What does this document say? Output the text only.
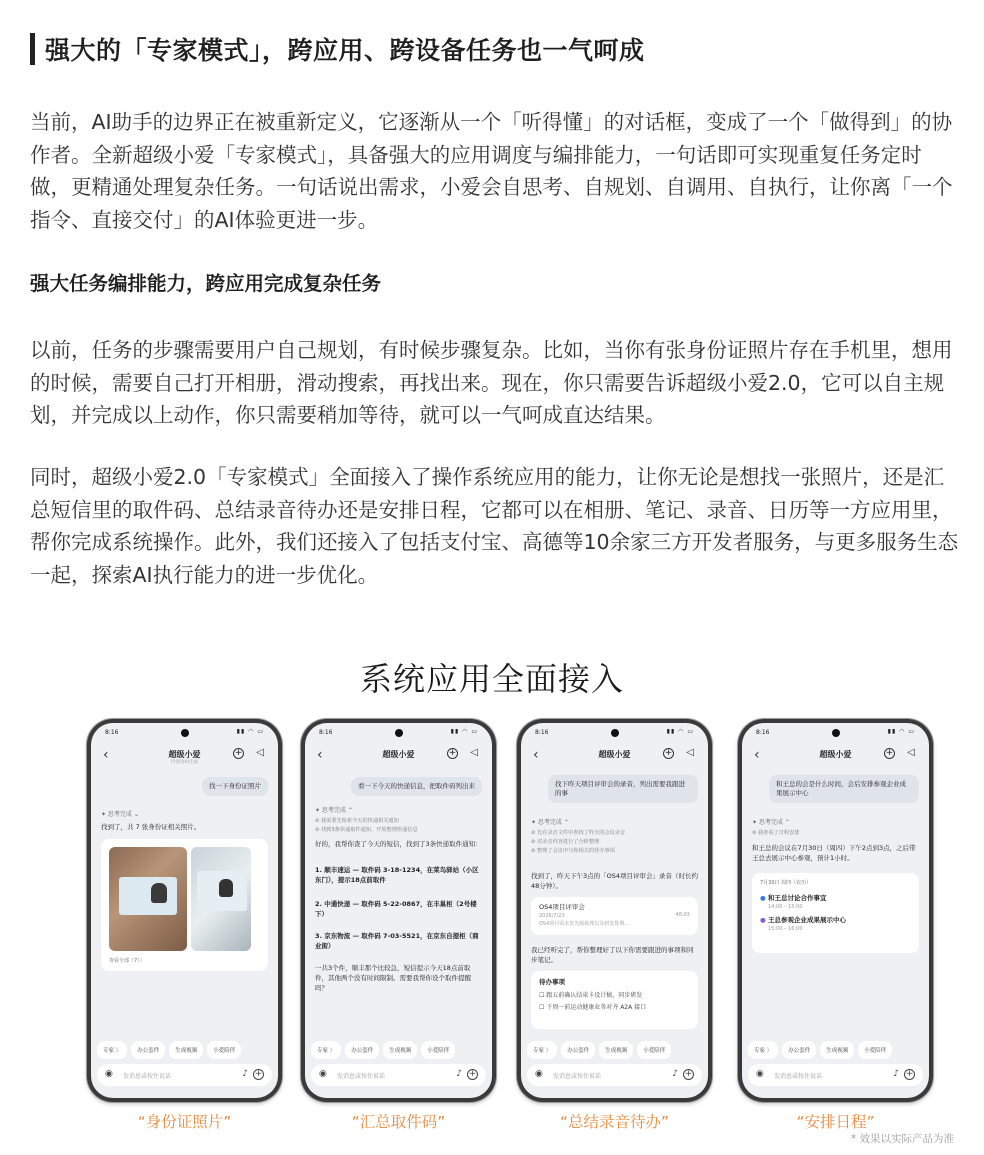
强大的「专家模式」，跨应用、跨设备任务也一气呵成

当前，AI助手的边界正在被重新定义，它逐渐从一个「听得懂」的对话框，变成了一个「做得到」的协作者。全新超级小爱「专家模式」，具备强大的应用调度与编排能力，一句话即可实现重复任务定时做，更精通处理复杂任务。一句话说出需求，小爱会自思考、自规划、自调用、自执行，让你离「一个指令、直接交付」的AI体验更进一步。

强大任务编排能力，跨应用完成复杂任务

以前，任务的步骤需要用户自己规划，有时候步骤复杂。比如，当你有张身份证照片存在手机里，想用的时候，需要自己打开相册，滑动搜索，再找出来。现在，你只需要告诉超级小爱2.0，它可以自主规划，并完成以上动作，你只需要稍加等待，就可以一气呵成直达结果。

同时，超级小爱2.0「专家模式」全面接入了操作系统应用的能力，让你无论是想找一张照片，还是汇总短信里的取件码、总结录音待办还是安排日程，它都可以在相册、笔记、录音、日历等一方应用里，帮你完成系统操作。此外，我们还接入了包括支付宝、高德等10余家三方开发者服务，与更多服务生态一起，探索AI执行能力的进一步优化。

系统应用全面接入
8:16	▮▮ ◠ ▭
‹	超级小爱
内容由AI生成
+ ◁
找一下身份证照片
✦ 思考完成 ⌄
找到了，共 7 张身份证相关照片。
查看全部（7）〉
专家 〉	办公套件	生成视频	小爱陪伴
◉ 发消息或按住说话	♪ +
“身份证照片”
8:16	▮▮ ◠ ▭
‹	超级小爱	+ ◁
看一下今天的快递信息，把取件码列出来
✦ 思考完成 ⌃
⊘ 我需要先检索今天的快递相关通知
⊘ 找到3条快递取件通知，开始整理快递信息
好的，我帮你查了今天的短信，找到了3条快递取件通知：
1. 顺丰速运 — 取件码 3-18-1234，在菜鸟驿站（小区东门），提示18点前取件
2. 中通快递 — 取件码 5-22-0867，在丰巢柜（2号楼下）
3. 京东物流 — 取件码 7-03-5521，在京东自提柜（商业街）
一共3个件，顺丰那个比较急，短信提示今天18点前取件，其他两个没有时间限制。需要我帮你设个取件提醒吗？
专家 〉	办公套件	生成视频	小爱陪伴
◉ 发消息或按住说话	♪ +
“汇总取件码”
8:16	▮▮ ◠ ▭
‹	超级小爱	+ ◁
找下昨天项目评审会的录音，列出需要我跟进的事
✦ 思考完成 ⌃
⊘ 先在录音文件中查找了昨天的会议录音
⊘ 对录音内容进行了分析整理
⊘ 整理了会议中与你相关的待办事项
找到了，昨天下午3点的「OS4项目评审会」录音（时长约48分钟）。
OS4项目评审会
2026/7/23	48:03
OS4项目需求优先级梳理以及研发排期...
我已经听完了，帮你整理好了以下你需要跟进的事项和同步笔记。
待办事项
☐ 跟五前确认结束卡设计稿，同步研发
☐ 下周一前运动健康业务对齐 A2A 接口
专家 〉	办公套件	生成视频	小爱陪伴
◉ 发消息或按住说话	♪ +
“总结录音待办”
8:16	▮▮ ◠ ▭
‹	超级小爱	+ ◁
和王总的会是什么时间，会后安排参观企业成果展示中心
✦ 思考完成 ⌃
⊘ 我查看了日程安排
和王总的会议在7月30日（周四）下午2点到3点，之后带王总去展示中心参观，预计1小时。
7月30日 周四（农历）
● 和王总讨论合作事宜
14:00 – 15:00
● 王总参观企业成果展示中心
15:00 – 16:00
专家 〉	办公套件	生成视频	小爱陪伴
◉ 发消息或按住说话	♪ +
“安排日程”
* 效果以实际产品为准
